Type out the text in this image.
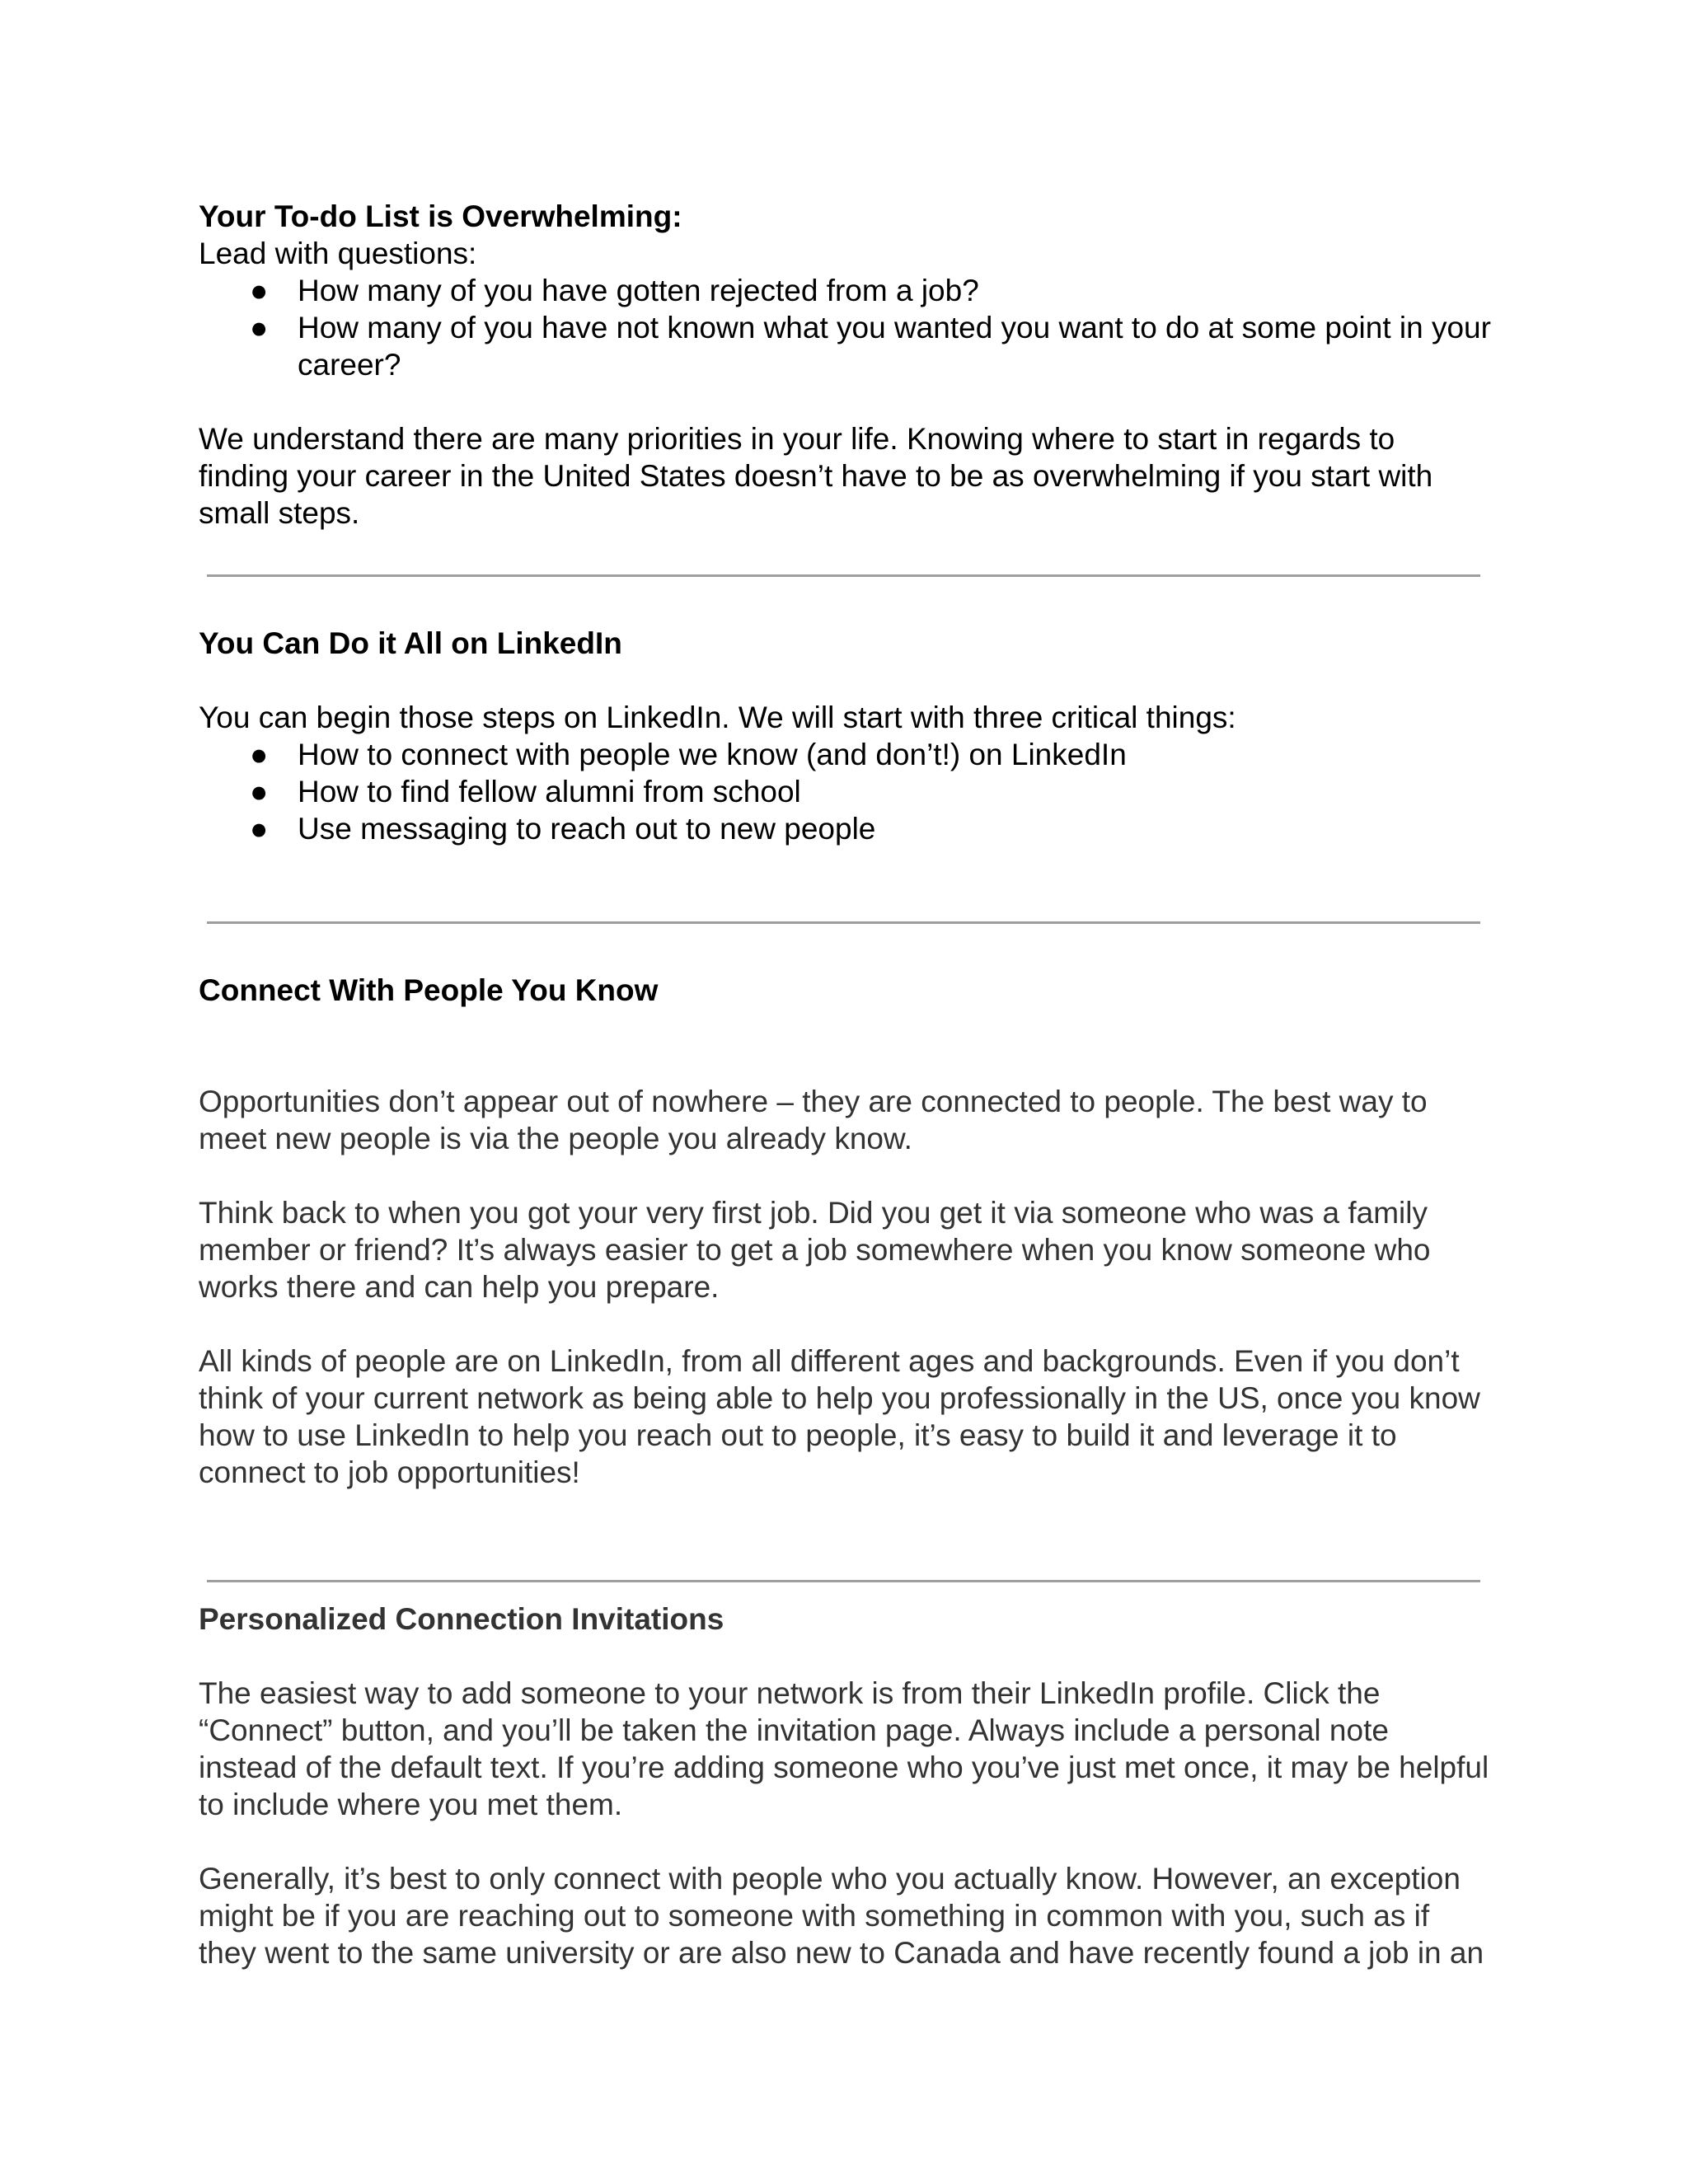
Your To-do List is Overwhelming:

Lead with questions:

● How many of you have gotten rejected from a job?
● How many of you have not known what you wanted you want to do at some point in your career?

We understand there are many priorities in your life. Knowing where to start in regards to finding your career in the United States doesn’t have to be as overwhelming if you start with small steps.

You Can Do it All on LinkedIn

You can begin those steps on LinkedIn. We will start with three critical things:

● How to connect with people we know (and don’t!) on LinkedIn
● How to find fellow alumni from school
● Use messaging to reach out to new people

Connect With People You Know

Opportunities don’t appear out of nowhere – they are connected to people. The best way to meet new people is via the people you already know.

Think back to when you got your very first job. Did you get it via someone who was a family member or friend? It’s always easier to get a job somewhere when you know someone who works there and can help you prepare.

All kinds of people are on LinkedIn, from all different ages and backgrounds. Even if you don’t think of your current network as being able to help you professionally in the US, once you know how to use LinkedIn to help you reach out to people, it’s easy to build it and leverage it to connect to job opportunities!

Personalized Connection Invitations

The easiest way to add someone to your network is from their LinkedIn profile. Click the “Connect” button, and you’ll be taken the invitation page. Always include a personal note instead of the default text. If you’re adding someone who you’ve just met once, it may be helpful to include where you met them.

Generally, it’s best to only connect with people who you actually know. However, an exception might be if you are reaching out to someone with something in common with you, such as if they went to the same university or are also new to Canada and have recently found a job in an
